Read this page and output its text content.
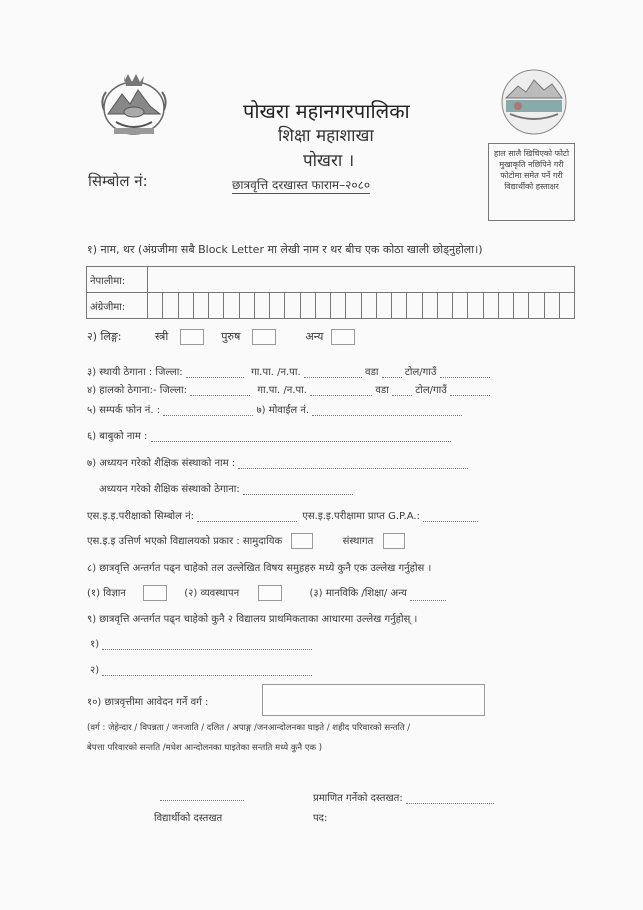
पोखरा महानगरपालिका
शिक्षा महाशाखा
पोखरा ।	हाल सालै खिचिएको फोटो मुखाकृति नछिपिने गरी फोटोमा समेत पर्ने गरी विद्यार्थीको हस्ताक्षर
सिम्बोल नं:	छात्रवृत्ति दरखास्त फाराम–२०८०
१) नाम, थर (अंग्रजीमा सबै Block Letter मा लेखी नाम र थर बीच एक कोठा खाली छोड्नुहोला।)
नेपालीमा:	
अंग्रेजीमा:	
२) लिङ्ग:	स्त्री	पुरुष	अन्य
३) स्थायी ठेगाना : जिल्ला:	गा.पा. /न.पा.	वडा	टोल/गाउँ
४) हालको ठेगाना:- जिल्ला:	गा.पा. /न.पा.	वडा	टोल/गाउँ
५) सम्पर्क फोन नं. :	७) मोवाईल नं.
६) बाबुको नाम :
७) अध्ययन गरेको शैक्षिक संस्थाको नाम :
अध्ययन गरेको शैक्षिक संस्थाको ठेगाना:
एस.इ.इ.परीक्षाको सिम्बोल नं:	एस.इ.इ.परीक्षामा प्राप्त G.P.A.:
एस.इ.इ उत्तिर्ण भएको विद्यालयको प्रकार : सामुदायिक	संस्थागत
८) छात्रवृत्ति अन्तर्गत पढ्न चाहेको तल उल्लेखित विषय समुहहरु मध्ये कुनै एक उल्लेख गर्नुहोस ।
(१) विज्ञान	(२) व्यवस्थापन	(३) मानविकि /शिक्षा/ अन्य
९) छात्रवृत्ति अन्तर्गत पढ्न चाहेको कुनै २ विद्यालय प्राथमिकताका आधारमा उल्लेख गर्नुहोस् ।
१)
२)
१०) छात्रवृत्तीमा आवेदन गर्ने वर्ग :
(वर्ग : जेहेन्दार / विपन्नता / जनजाति / दलित / अपाङ्ग /जनआन्दोलनका घाइते / शहीद परिवारको सन्तति /
बेपत्ता परिवारको सन्तति /मधेश आन्दोलनका घाइतेका सन्तति मध्ये कुनै एक )
विद्यार्थीको दस्तखत
प्रमाणित गर्नेको दस्तखत:
पद:
